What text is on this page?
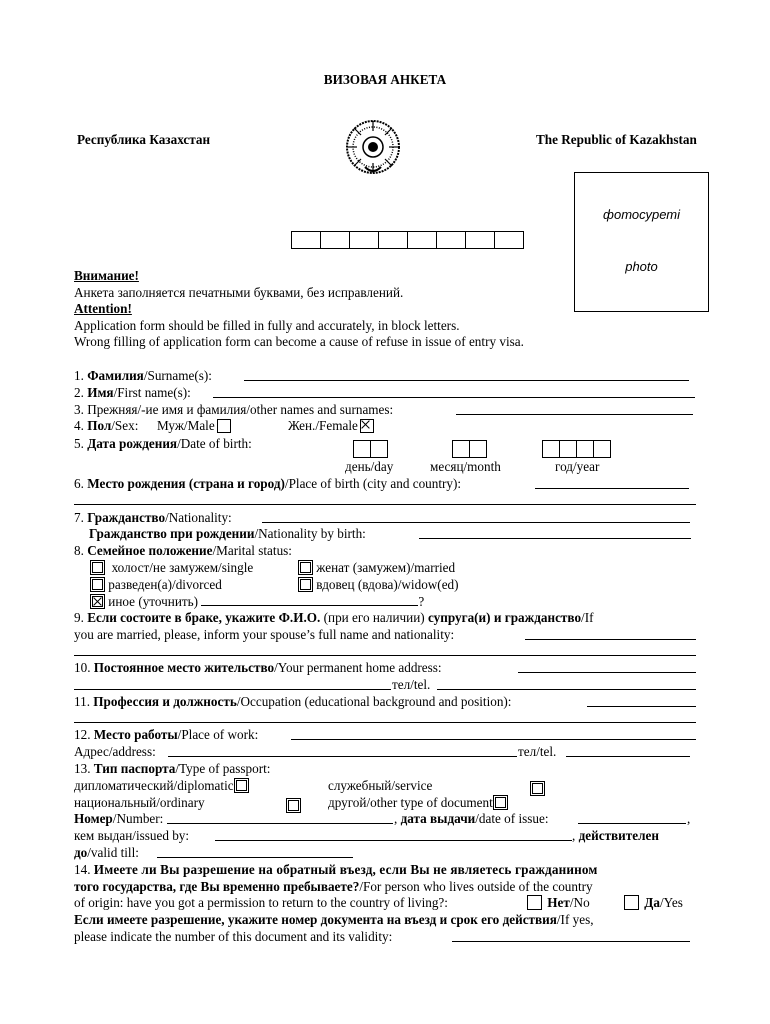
ВИЗОВАЯ АНКЕТА
Республика Казахстан	The Republic of Kazakhstan
фотосуреті
photo
Внимание!
Анкета заполняется печатными буквами, без исправлений.
Attention!
Application form should be filled in fully and accurately, in block letters.
Wrong filling of application form can become a cause of refuse in issue of entry visa.
1. Фамилия/Surname(s):
2. Имя/First name(s):
3. Прежняя/-ие имя и фамилия/other names and surnames:
4. Пол/Sex: Муж/Male	Жен./Female
5. Дата рождения/Date of birth:
день/day	месяц/month	год/year
6. Место рождения (страна и город)/Place of birth (city and country):
7. Гражданство/Nationality:
Гражданство при рождении/Nationality by birth:
8. Семейное положение/Marital status:
холост/не замужем/single	женат (замужем)/married
разведен(а)/divorced	вдовец (вдова)/widow(ed)
иное (уточнить)	?
9. Если состоите в браке, укажите Ф.И.О. (при его наличии) супруга(и) и гражданство/If
you are married, please, inform your spouse’s full name and nationality:
10. Постоянное место жительство/Your permanent home address:
тел/tel.
11. Профессия и должность/Occupation (educational background and position):
12. Место работы/Place of work:
Адрес/address:	тел/tel.
13. Тип паспорта/Type of passport:
дипломатический/diplomatic	служебный/service

национальный/ordinary	другой/other type of document
Номер/Number:	, дата выдачи/date of issue:	,
кем выдан/issued by:	, действителен
до/valid till:
14. Имеете ли Вы разрешение на обратный въезд, если Вы не являетесь гражданином
того государства, где Вы временно пребываете?/For person who lives outside of the country
of origin: have you got a permission to return to the country of living?:	Нет/No	Да/Yes
Если имеете разрешение, укажите номер документа на въезд и срок его действия/If yes,
please indicate the number of this document and its validity:
